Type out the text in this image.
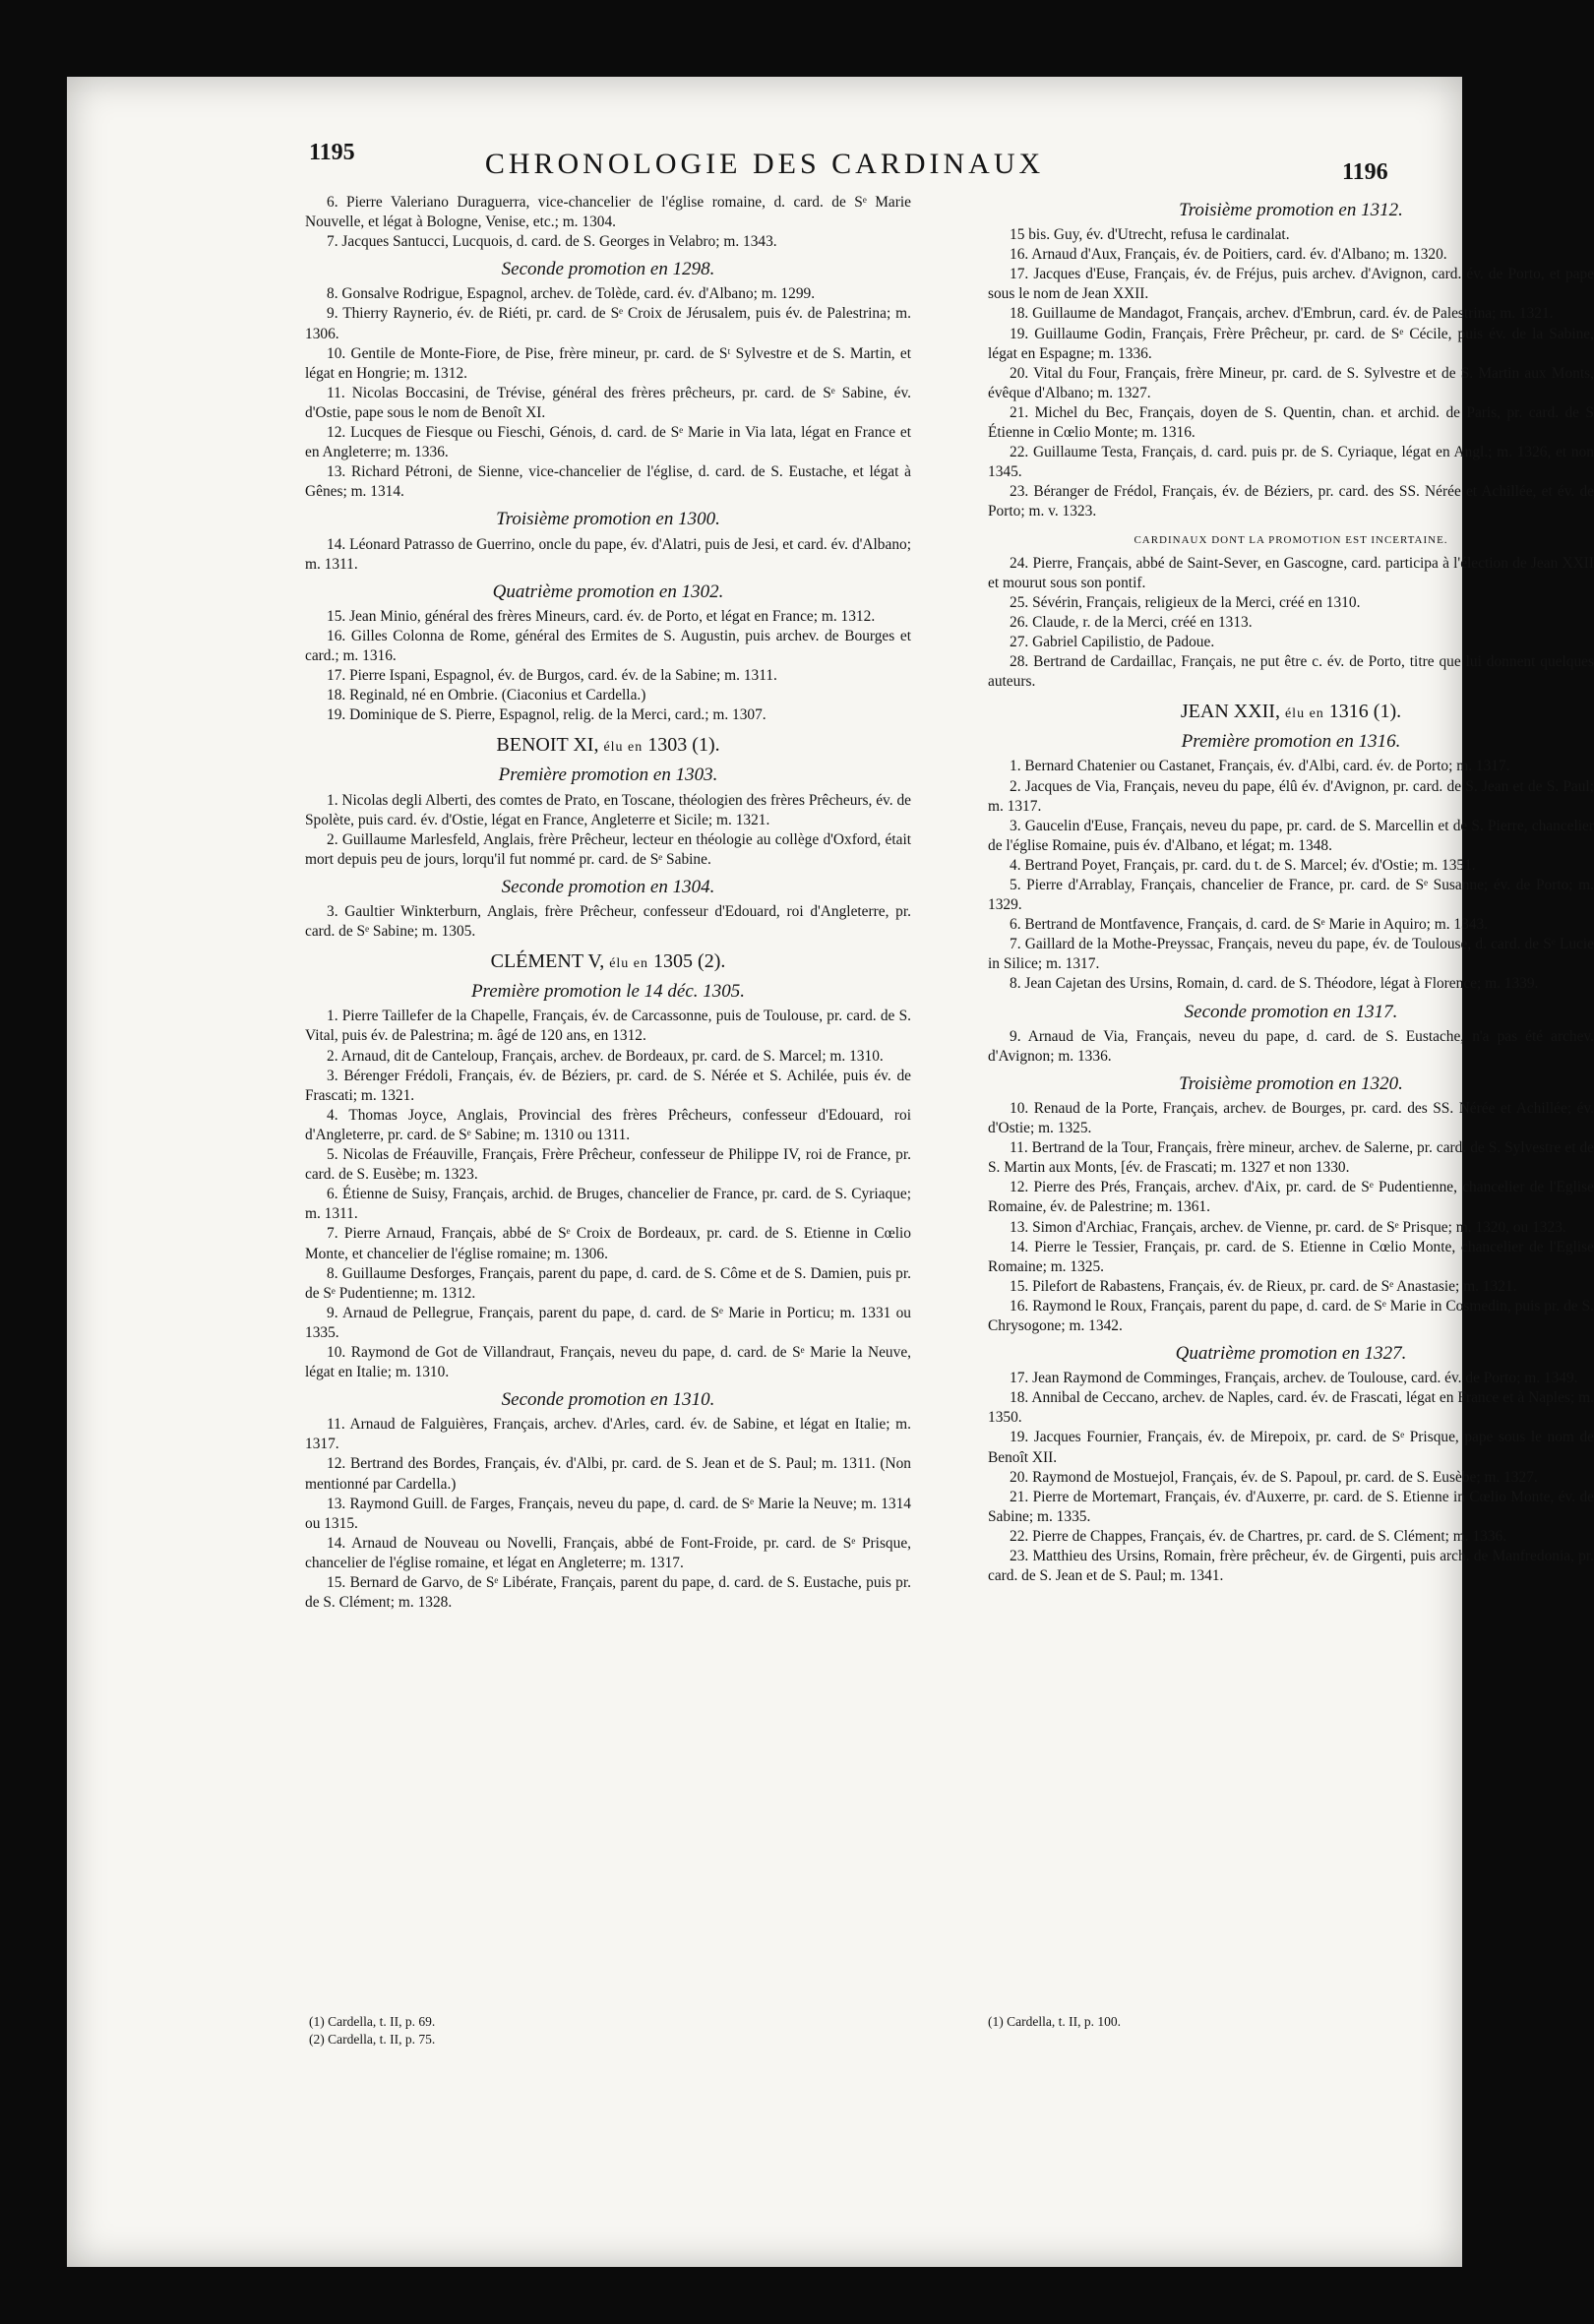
1195	CHRONOLOGIE DES CARDINAUX	1196

6. Pierre Valeriano Duraguerra, vice-chancelier de l'église romaine, d. card. de Sᵉ Marie Nouvelle, et légat à Bologne, Venise, etc.; m. 1304.

7. Jacques Santucci, Lucquois, d. card. de S. Georges in Velabro; m. 1343.

Seconde promotion en 1298.

8. Gonsalve Rodrigue, Espagnol, archev. de Tolède, card. év. d'Albano; m. 1299.

9. Thierry Raynerio, év. de Riéti, pr. card. de Sᵉ Croix de Jérusalem, puis év. de Palestrina; m. 1306.

10. Gentile de Monte-Fiore, de Pise, frère mineur, pr. card. de Sᵗ Sylvestre et de S. Martin, et légat en Hongrie; m. 1312.

11. Nicolas Boccasini, de Trévise, général des frères prêcheurs, pr. card. de Sᵉ Sabine, év. d'Ostie, pape sous le nom de Benoît XI.

12. Lucques de Fiesque ou Fieschi, Génois, d. card. de Sᵉ Marie in Via lata, légat en France et en Angleterre; m. 1336.

13. Richard Pétroni, de Sienne, vice-chancelier de l'église, d. card. de S. Eustache, et légat à Gênes; m. 1314.

Troisième promotion en 1300.

14. Léonard Patrasso de Guerrino, oncle du pape, év. d'Alatri, puis de Jesi, et card. év. d'Albano; m. 1311.

Quatrième promotion en 1302.

15. Jean Minio, général des frères Mineurs, card. év. de Porto, et légat en France; m. 1312.

16. Gilles Colonna de Rome, général des Ermites de S. Augustin, puis archev. de Bourges et card.; m. 1316.

17. Pierre Ispani, Espagnol, év. de Burgos, card. év. de la Sabine; m. 1311.

18. Reginald, né en Ombrie. (Ciaconius et Cardella.)

19. Dominique de S. Pierre, Espagnol, relig. de la Merci, card.; m. 1307.

BENOIT XI, élu en 1303 (1).
Première promotion en 1303.

1. Nicolas degli Alberti, des comtes de Prato, en Toscane, théologien des frères Prêcheurs, év. de Spolète, puis card. év. d'Ostie, légat en France, Angleterre et Sicile; m. 1321.

2. Guillaume Marlesfeld, Anglais, frère Prêcheur, lecteur en théologie au collège d'Oxford, était mort depuis peu de jours, lorqu'il fut nommé pr. card. de Sᵉ Sabine.

Seconde promotion en 1304.

3. Gaultier Winkterburn, Anglais, frère Prêcheur, confesseur d'Edouard, roi d'Angleterre, pr. card. de Sᵉ Sabine; m. 1305.

CLÉMENT V, élu en 1305 (2).
Première promotion le 14 déc. 1305.

1. Pierre Taillefer de la Chapelle, Français, év. de Carcassonne, puis de Toulouse, pr. card. de S. Vital, puis év. de Palestrina; m. âgé de 120 ans, en 1312.

2. Arnaud, dit de Canteloup, Français, archev. de Bordeaux, pr. card. de S. Marcel; m. 1310.

3. Bérenger Frédoli, Français, év. de Béziers, pr. card. de S. Nérée et S. Achilée, puis év. de Frascati; m. 1321.

4. Thomas Joyce, Anglais, Provincial des frères Prêcheurs, confesseur d'Edouard, roi d'Angleterre, pr. card. de Sᵉ Sabine; m. 1310 ou 1311.

5. Nicolas de Fréauville, Français, Frère Prêcheur, confesseur de Philippe IV, roi de France, pr. card. de S. Eusèbe; m. 1323.

6. Étienne de Suisy, Français, archid. de Bruges, chancelier de France, pr. card. de S. Cyriaque; m. 1311.

7. Pierre Arnaud, Français, abbé de Sᵉ Croix de Bordeaux, pr. card. de S. Etienne in Cœlio Monte, et chancelier de l'église romaine; m. 1306.

8. Guillaume Desforges, Français, parent du pape, d. card. de S. Côme et de S. Damien, puis pr. de Sᵉ Pudentienne; m. 1312.

9. Arnaud de Pellegrue, Français, parent du pape, d. card. de Sᵉ Marie in Porticu; m. 1331 ou 1335.

10. Raymond de Got de Villandraut, Français, neveu du pape, d. card. de Sᵉ Marie la Neuve, légat en Italie; m. 1310.

Seconde promotion en 1310.

11. Arnaud de Falguières, Français, archev. d'Arles, card. év. de Sabine, et légat en Italie; m. 1317.

12. Bertrand des Bordes, Français, év. d'Albi, pr. card. de S. Jean et de S. Paul; m. 1311. (Non mentionné par Cardella.)

13. Raymond Guill. de Farges, Français, neveu du pape, d. card. de Sᵉ Marie la Neuve; m. 1314 ou 1315.

14. Arnaud de Nouveau ou Novelli, Français, abbé de Font-Froide, pr. card. de Sᵉ Prisque, chancelier de l'église romaine, et légat en Angleterre; m. 1317.

15. Bernard de Garvo, de Sᵉ Libérate, Français, parent du pape, d. card. de S. Eustache, puis pr. de S. Clément; m. 1328.

Troisième promotion en 1312.

15 bis. Guy, év. d'Utrecht, refusa le cardinalat.

16. Arnaud d'Aux, Français, év. de Poitiers, card. év. d'Albano; m. 1320.

17. Jacques d'Euse, Français, év. de Fréjus, puis archev. d'Avignon, card. év. de Porto, et pape sous le nom de Jean XXII.

18. Guillaume de Mandagot, Français, archev. d'Embrun, card. év. de Palestrina; m. 1321.

19. Guillaume Godin, Français, Frère Prêcheur, pr. card. de Sᵉ Cécile, puis év. de la Sabine, légat en Espagne; m. 1336.

20. Vital du Four, Français, frère Mineur, pr. card. de S. Sylvestre et de S. Martin aux Monts, évêque d'Albano; m. 1327.

21. Michel du Bec, Français, doyen de S. Quentin, chan. et archid. de Paris, pr. card. de S Étienne in Cœlio Monte; m. 1316.

22. Guillaume Testa, Français, d. card. puis pr. de S. Cyriaque, légat en Angl.; m. 1326, et non 1345.

23. Béranger de Frédol, Français, év. de Béziers, pr. card. des SS. Nérée et Achillée, et év. de Porto; m. v. 1323.

CARDINAUX DONT LA PROMOTION EST INCERTAINE.

24. Pierre, Français, abbé de Saint-Sever, en Gascogne, card. participa à l'élection de Jean XXII et mourut sous son pontif.

25. Sévérin, Français, religieux de la Merci, créé en 1310.

26. Claude, r. de la Merci, créé en 1313.

27. Gabriel Capilistio, de Padoue.

28. Bertrand de Cardaillac, Français, ne put être c. év. de Porto, titre que lui donnent quelques auteurs.

JEAN XXII, élu en 1316 (1).
Première promotion en 1316.

1. Bernard Chatenier ou Castanet, Français, év. d'Albi, card. év. de Porto; m. 1317.

2. Jacques de Via, Français, neveu du pape, élû év. d'Avignon, pr. card. de S. Jean et de S. Paul; m. 1317.

3. Gaucelin d'Euse, Français, neveu du pape, pr. card. de S. Marcellin et de S. Pierre, chancelier de l'église Romaine, puis év. d'Albano, et légat; m. 1348.

4. Bertrand Poyet, Français, pr. card. du t. de S. Marcel; év. d'Ostie; m. 1351.

5. Pierre d'Arrablay, Français, chancelier de France, pr. card. de Sᵉ Susanne; év. de Porto; m. 1329.

6. Bertrand de Montfavence, Français, d. card. de Sᵉ Marie in Aquiro; m. 1343.

7. Gaillard de la Mothe-Preyssac, Français, neveu du pape, év. de Toulouse, d. card. de Sᵉ Lucie in Silice; m. 1317.

8. Jean Cajetan des Ursins, Romain, d. card. de S. Théodore, légat à Florence; m. 1339.

Seconde promotion en 1317.

9. Arnaud de Via, Français, neveu du pape, d. card. de S. Eustache, n'a pas été archev. d'Avignon; m. 1336.

Troisième promotion en 1320.

10. Renaud de la Porte, Français, archev. de Bourges, pr. card. des SS. Nérée et Achillée; év. d'Ostie; m. 1325.

11. Bertrand de la Tour, Français, frère mineur, archev. de Salerne, pr. card. de S. Sylvestre et de S. Martin aux Monts, [év. de Frascati; m. 1327 et non 1330.

12. Pierre des Prés, Français, archev. d'Aix, pr. card. de Sᵉ Pudentienne, chancelier de l'Eglise Romaine, év. de Palestrine; m. 1361.

13. Simon d'Archiac, Français, archev. de Vienne, pr. card. de Sᵉ Prisque; m. 1320, ou 1323.

14. Pierre le Tessier, Français, pr. card. de S. Etienne in Cœlio Monte, chancelier de l'Eglise Romaine; m. 1325.

15. Pilefort de Rabastens, Français, év. de Rieux, pr. card. de Sᵉ Anastasie; m. 1321.

16. Raymond le Roux, Français, parent du pape, d. card. de Sᵉ Marie in Cosmedin, puis pr. de S. Chrysogone; m. 1342.

Quatrième promotion en 1327.

17. Jean Raymond de Comminges, Français, archev. de Toulouse, card. év. de Porto; m. 1349.

18. Annibal de Ceccano, archev. de Naples, card. év. de Frascati, légat en France et à Naples; m. 1350.

19. Jacques Fournier, Français, év. de Mirepoix, pr. card. de Sᵉ Prisque, pape sous le nom de Benoît XII.

20. Raymond de Mostuejol, Français, év. de S. Papoul, pr. card. de S. Eusèbe; m. 1327.

21. Pierre de Mortemart, Français, év. d'Auxerre, pr. card. de S. Etienne in Cœlio Monte, év. de Sabine; m. 1335.

22. Pierre de Chappes, Français, év. de Chartres, pr. card. de S. Clément; m. 1336.

23. Matthieu des Ursins, Romain, frère prêcheur, év. de Girgenti, puis arch. de Manfredonia, pr. card. de S. Jean et de S. Paul; m. 1341.

(1) Cardella, t. II, p. 69.
(2) Cardella, t. II, p. 75.
(1) Cardella, t. II, p. 100.
